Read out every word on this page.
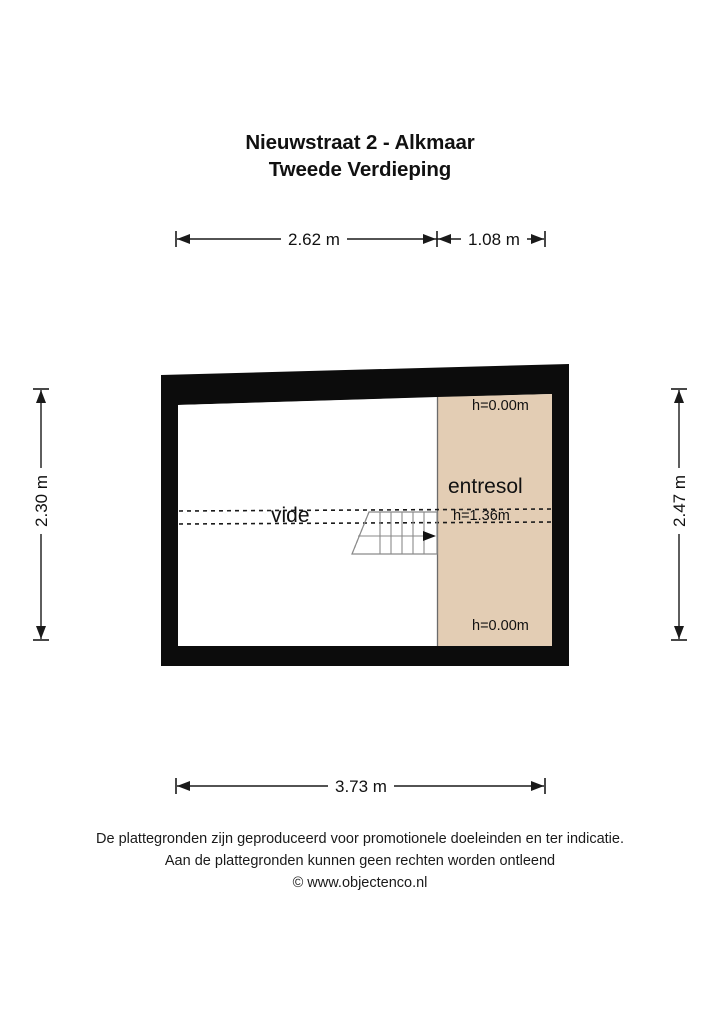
Nieuwstraat 2 - Alkmaar
Tweede Verdieping
2.62 m	1.08 m
2.30 m	2.47 m
3.73 m
vide
entresol
h=0.00m
h=1.36m
h=0.00m
De plattegronden zijn geproduceerd voor promotionele doeleinden en ter indicatie.
Aan de plattegronden kunnen geen rechten worden ontleend
© www.objectenco.nl
